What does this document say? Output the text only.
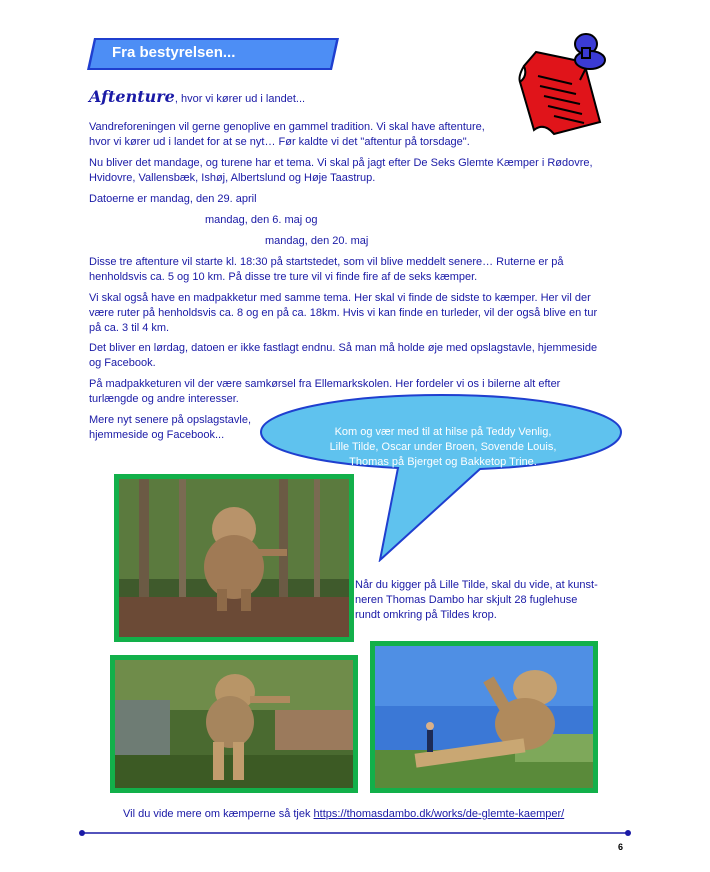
Fra bestyrelsen...
Aftenture, hvor vi kører ud i landet...
Vandreforeningen vil gerne genoplive en gammel tradition. Vi skal have aftenture,
hvor vi kører ud i landet for at se nyt… Før kaldte vi det "aftentur på torsdage".
Nu bliver det mandage, og turene har et tema. Vi skal på jagt efter De Seks Glemte Kæmper i Rødovre,
Hvidovre, Vallensbæk, Ishøj, Albertslund og Høje Taastrup.
Datoerne er mandag, den 29. april
mandag, den 6. maj og
mandag, den 20. maj
Disse tre aftenture vil starte kl. 18:30 på startstedet, som vil blive meddelt senere… Ruterne er på
henholdsvis ca. 5 og 10 km. På disse tre ture vil vi finde fire af de seks kæmper.
Vi skal også have en madpakketur med samme tema. Her skal vi finde de sidste to kæmper. Her vil der
være ruter på henholdsvis ca. 8 og en på ca. 18km. Hvis vi kan finde en turleder, vil der også blive en tur
på ca. 3 til 4 km.
Det bliver en lørdag, datoen er ikke fastlagt endnu. Så man må holde øje med opslagstavle, hjemmeside
og Facebook.
På madpakketuren vil der være samkørsel fra Ellemarkskolen. Her fordeler vi os i bilerne alt efter
turlængde og andre interesser.
Mere nyt senere på opslagstavle,
hjemmeside og Facebook...	Kom og vær med til at hilse på Teddy Venlig,
Lille Tilde, Oscar under Broen, Sovende Louis,
Thomas på Bjerget og Bakketop Trine.
Når du kigger på Lille Tilde, skal du vide, at kunst-
neren Thomas Dambo har skjult 28 fuglehuse
rundt omkring på Tildes krop.
Vil du vide mere om kæmperne så tjek https://thomasdambo.dk/works/de-glemte-kaemper/
6
